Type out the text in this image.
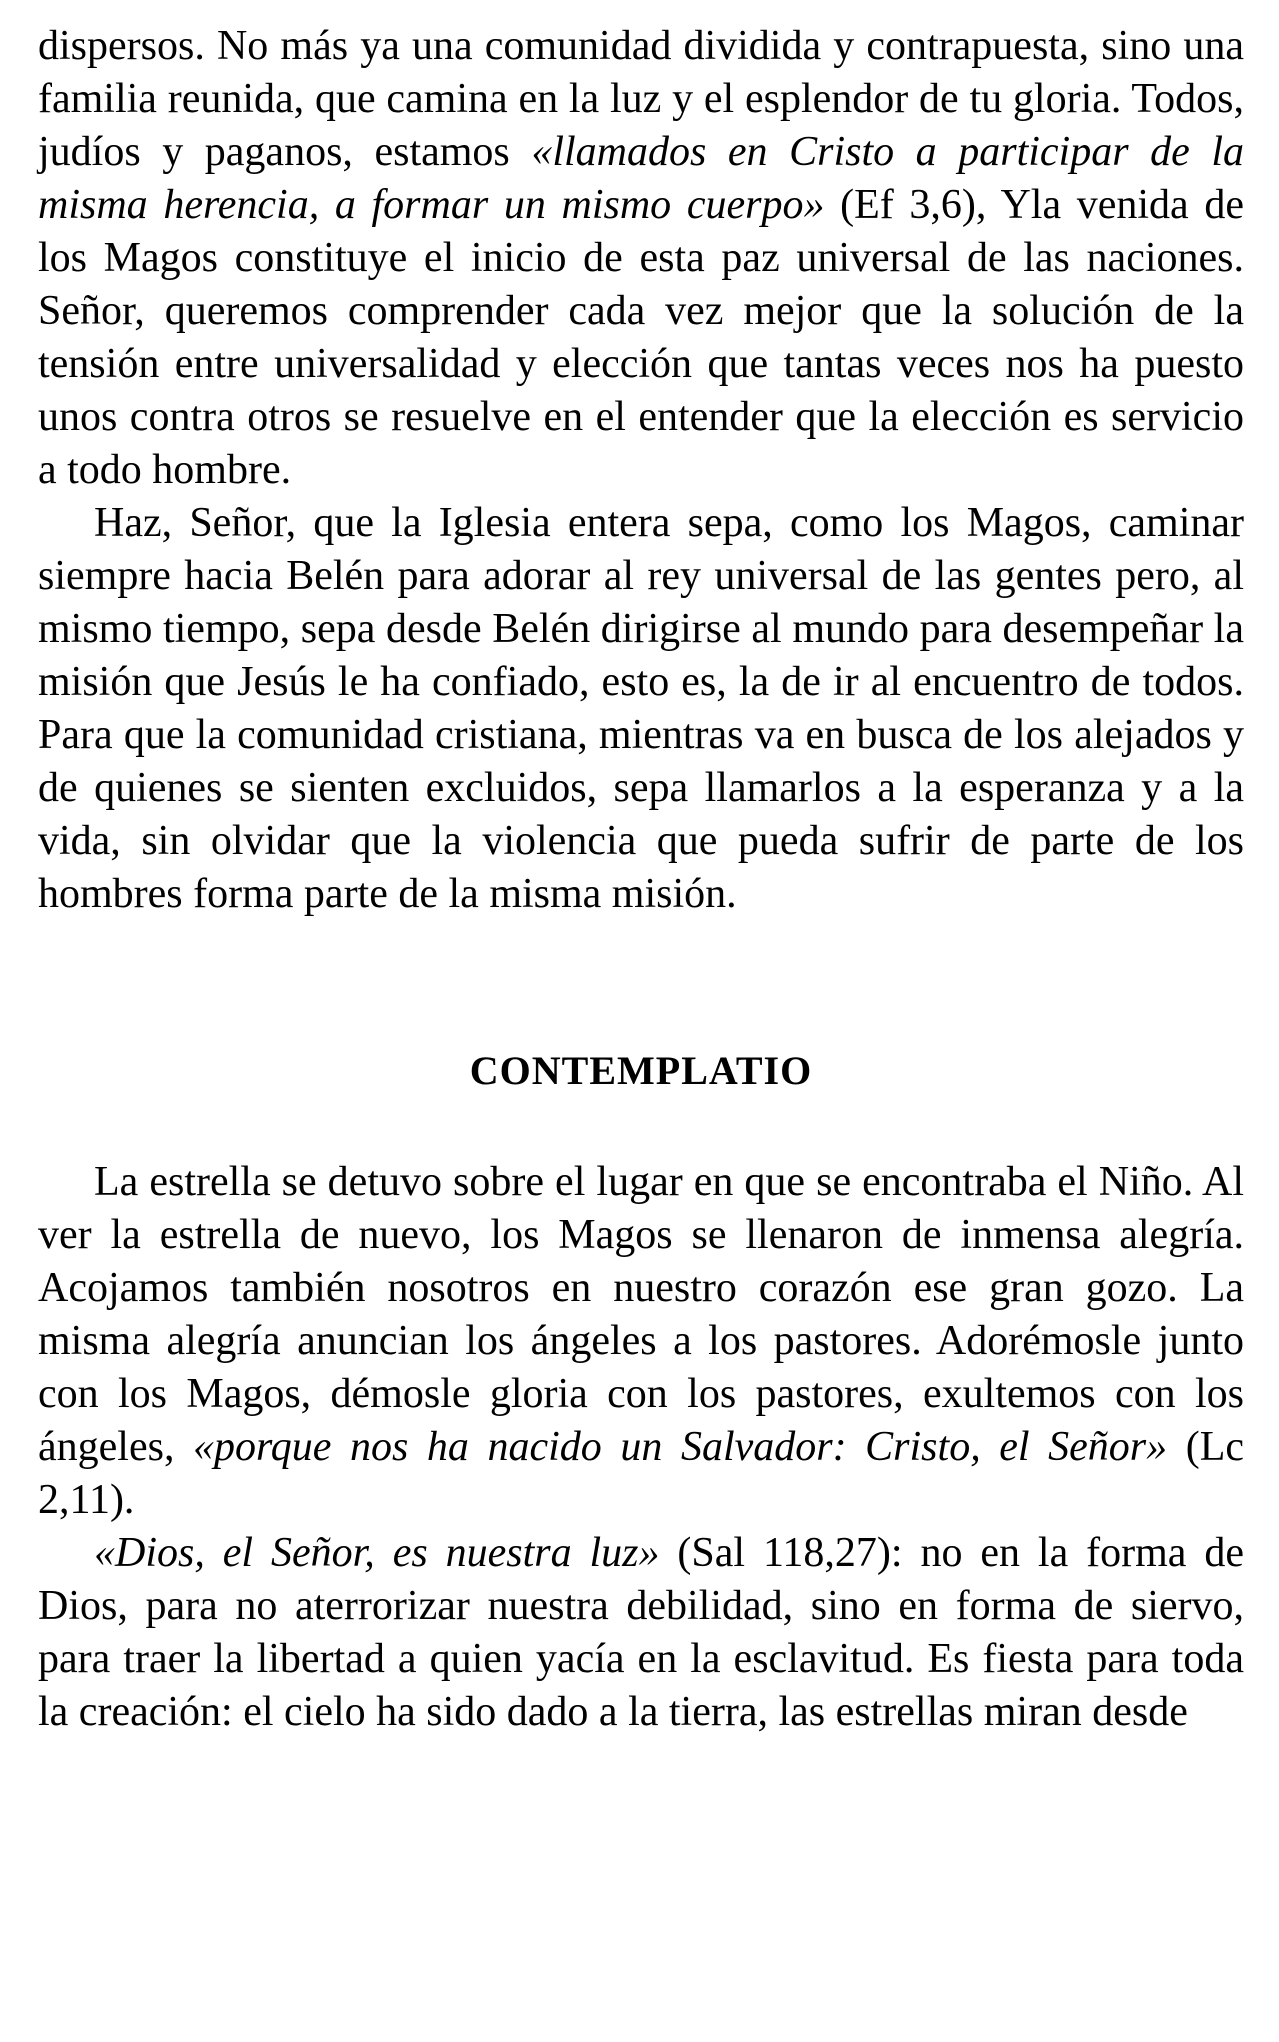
dispersos. No más ya una comunidad dividida y contrapuesta, sino una familia reunida, que camina en la luz y el esplendor de tu gloria. Todos, judíos y paganos, estamos «llamados en Cristo a participar de la misma herencia, a formar un mismo cuerpo» (Ef 3,6), Yla venida de los Magos constituye el inicio de esta paz universal de las naciones. Señor, queremos comprender cada vez mejor que la solución de la tensión entre universalidad y elección que tantas veces nos ha puesto unos contra otros se resuelve en el entender que la elección es servicio a todo hombre.

Haz, Señor, que la Iglesia entera sepa, como los Magos, caminar siempre hacia Belén para adorar al rey universal de las gentes pero, al mismo tiempo, sepa desde Belén dirigirse al mundo para desempeñar la misión que Jesús le ha confiado, esto es, la de ir al encuentro de todos. Para que la comunidad cristiana, mientras va en busca de los alejados y de quienes se sienten excluidos, sepa llamarlos a la esperanza y a la vida, sin olvidar que la violencia que pueda sufrir de parte de los hombres forma parte de la misma misión.

CONTEMPLATIO

La estrella se detuvo sobre el lugar en que se encontraba el Niño. Al ver la estrella de nuevo, los Magos se llenaron de inmensa alegría. Acojamos también nosotros en nuestro corazón ese gran gozo. La misma alegría anuncian los ángeles a los pastores. Adorémosle junto con los Magos, démosle gloria con los pastores, exultemos con los ángeles, «porque nos ha nacido un Salvador: Cristo, el Señor» (Lc 2,11).

«Dios, el Señor, es nuestra luz» (Sal 118,27): no en la forma de Dios, para no aterrorizar nuestra debilidad, sino en forma de siervo, para traer la libertad a quien yacía en la esclavitud. Es fiesta para toda la creación: el cielo ha sido dado a la tierra, las estrellas miran desde
